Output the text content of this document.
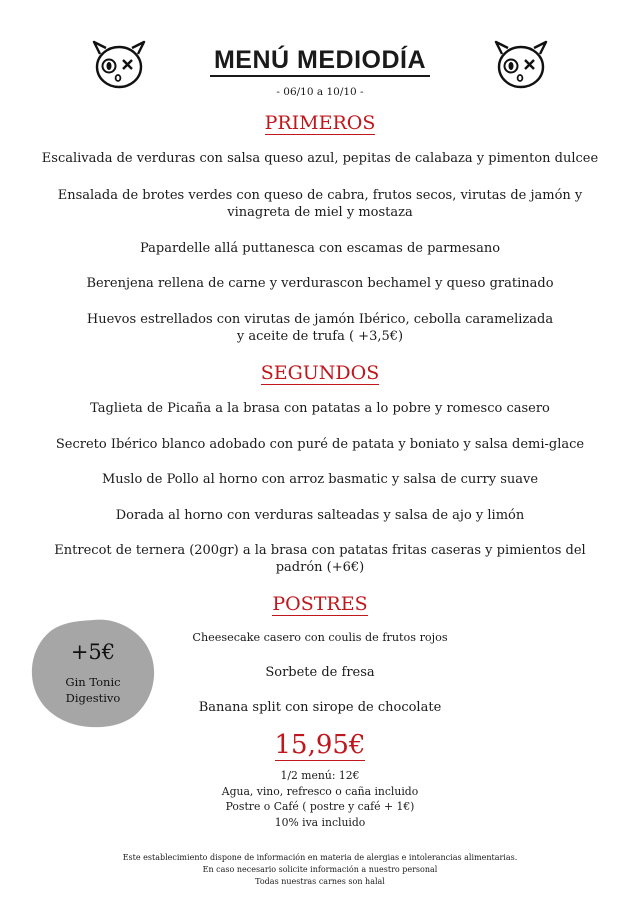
MENÚ MEDIODÍA
- 06/10 a 10/10 -
PRIMEROS
Escalivada de verduras con salsa queso azul, pepitas de calabaza y pimenton dulcee
Ensalada de brotes verdes con queso de cabra, frutos secos, virutas de jamón y
vinagreta de miel y mostaza
Papardelle allá puttanesca con escamas de parmesano
Berenjena rellena de carne y verdurascon bechamel y queso gratinado
Huevos estrellados con virutas de jamón Ibérico, cebolla caramelizada
y aceite de trufa ( +3,5€)
SEGUNDOS
Taglieta de Picaña a la brasa con patatas a lo pobre y romesco casero
Secreto Ibérico blanco adobado con puré de patata y boniato y salsa demi-glace
Muslo de Pollo al horno con arroz basmatic y salsa de curry suave
Dorada al horno con verduras salteadas y salsa de ajo y limón
Entrecot de ternera (200gr) a la brasa con patatas fritas caseras y pimientos del
padrón (+6€)
POSTRES
Cheesecake casero con coulis de frutos rojos
Sorbete de fresa
Banana split con sirope de chocolate
+5€
Gin Tonic
Digestivo
15,95€
1/2 menú: 12€
Agua, vino, refresco o caña incluido
Postre o Café ( postre y café + 1€)
10% iva incluido
Este establecimiento dispone de información en materia de alergias e intolerancias alimentarias.
En caso necesario solicite información a nuestro personal
Todas nuestras carnes son halal
